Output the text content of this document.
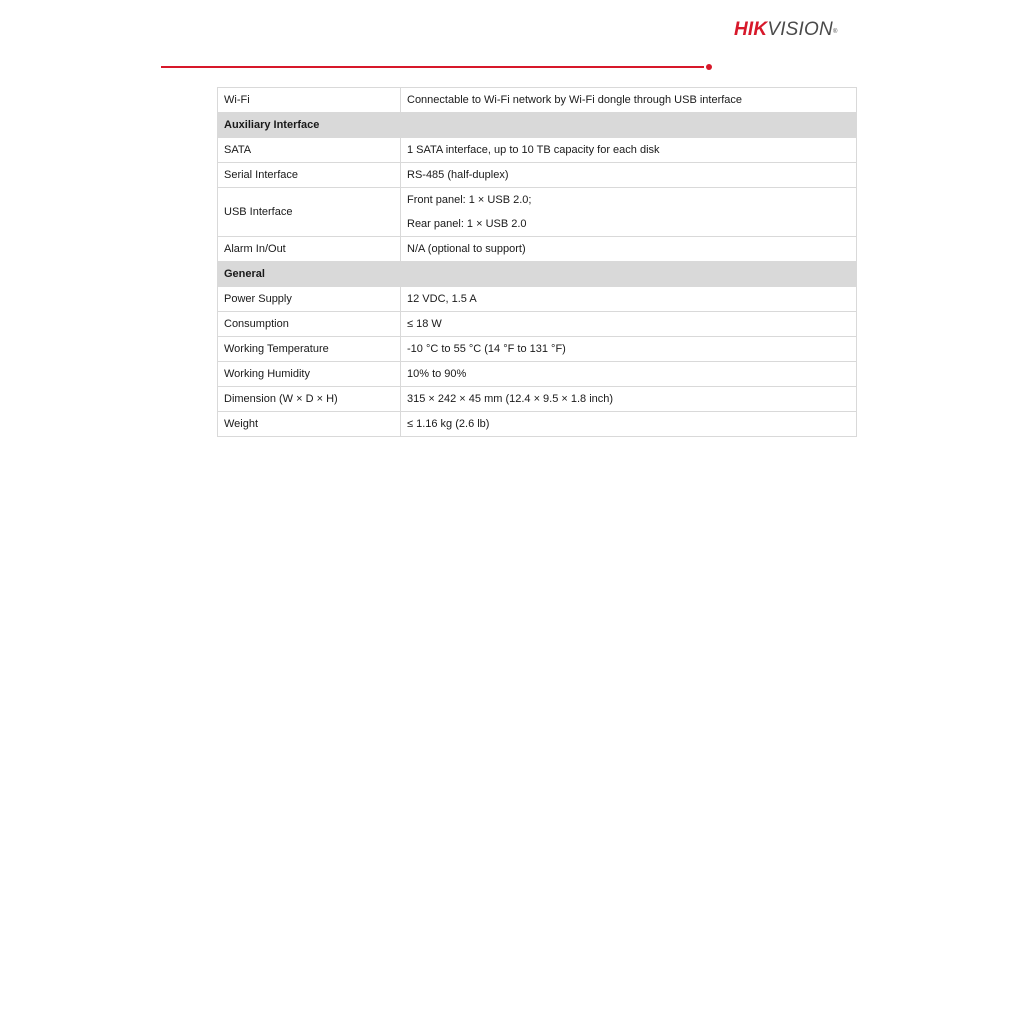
HIKVISION®
Wi-Fi	Connectable to Wi-Fi network by Wi-Fi dongle through USB interface
Auxiliary Interface	
SATA	1 SATA interface, up to 10 TB capacity for each disk
Serial Interface	RS-485 (half-duplex)
USB Interface	Front panel: 1 × USB 2.0;
Rear panel: 1 × USB 2.0

Alarm In/Out	N/A (optional to support)
General	
Power Supply	12 VDC, 1.5 A
Consumption	≤ 18 W
Working Temperature	-10 °C to 55 °C (14 °F to 131 °F)
Working Humidity	10% to 90%
Dimension (W × D × H)	315 × 242 × 45 mm (12.4 × 9.5 × 1.8 inch)
Weight	≤ 1.16 kg (2.6 lb)
